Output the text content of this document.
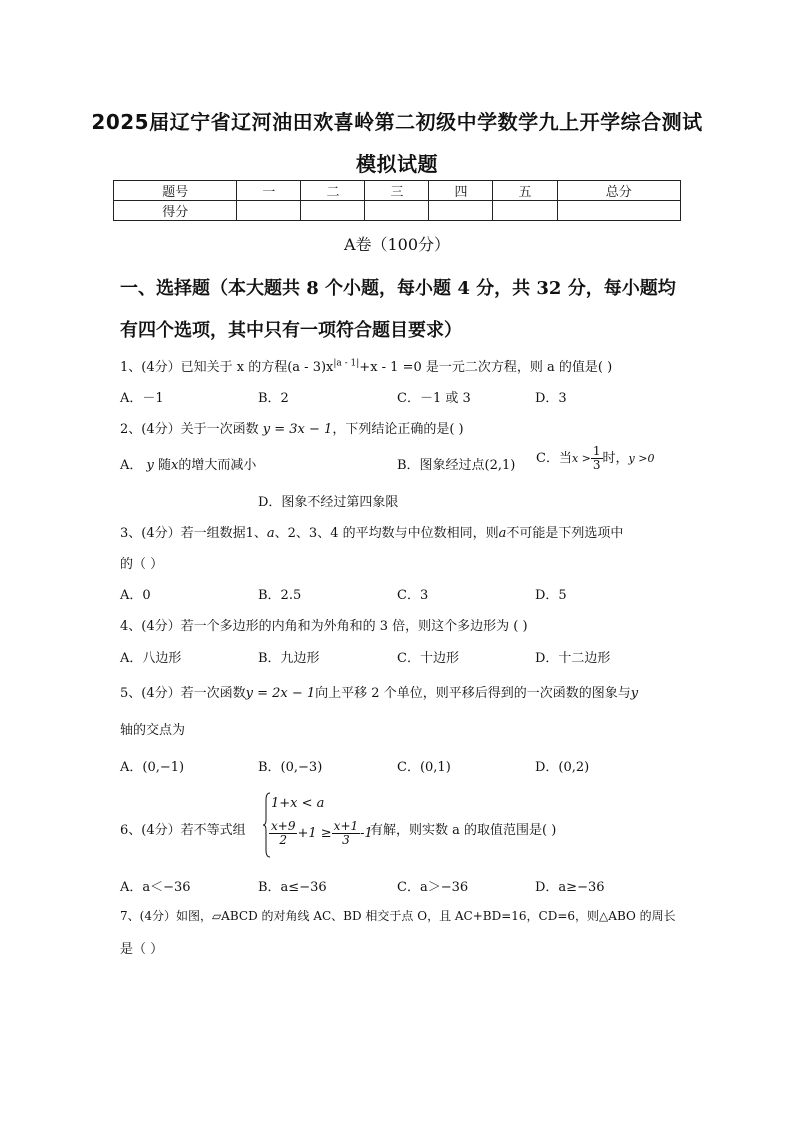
2025届辽宁省辽河油田欢喜岭第二初级中学数学九上开学综合测试
模拟试题
题号	一	二	三	四	五	总分
得分						
A卷（100分）
一、选择题（本大题共 8 个小题，每小题 4 分，共 32 分，每小题均
有四个选项，其中只有一项符合题目要求）
1、(4分）已知关于 x 的方程$(a - 3)x^{|a - 1|}+x - 1 =0$ 是一元二次方程，则 a 的值是( )
A．－1	B．2	C．－1 或 3	D．3
2、(4分）关于一次函数 y = 3x − 1，下列结论正确的是( )
A． y 随x的增大而减小	B．图象经过点(2,1) C．当$x > \frac{1}{3}$ 时，y >0
D．图象不经过第四象限
3、(4分）若一组数据1、a、2、3、4 的平均数与中位数相同，则a不可能是下列选项中
的（ ）
A．0	B．2.5	C．3	D．5
4、(4分）若一个多边形的内角和为外角和的 3 倍，则这个多边形为 ( )
A．八边形	B．九边形	C．十边形	D．十二边形
5、(4分）若一次函数y = 2x − 1向上平移 2 个单位，则平移后得到的一次函数的图象与y
轴的交点为
A．(0,−1)	B．(0,−3)	C．(0,1)	D．(0,2)
6、(4分）若不等式组
1+x < a
$\frac{x+9}{2} +1 \ge \frac{x+1}{3} -1$
有解，则实数 a 的取值范围是( )
A．a＜−36	B．a≤−36	C．a＞−36	D．a≥−36
7、(4分）如图，▱ABCD 的对角线 AC、BD 相交于点 O，且 AC+BD=16，CD=6，则△ABO 的周长
是（ ）
